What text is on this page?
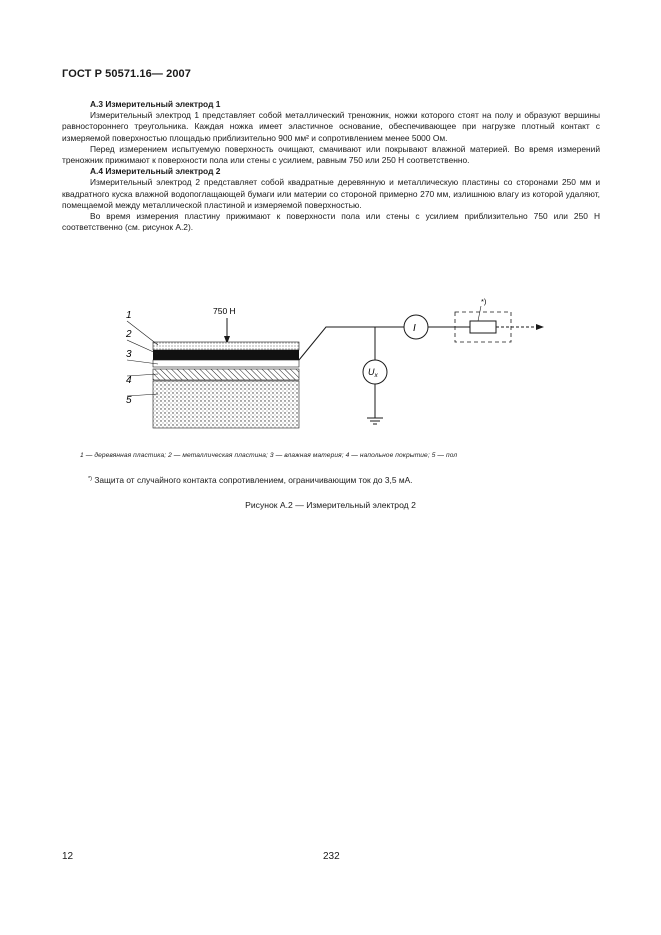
ГОСТ Р 50571.16— 2007

А.3 Измерительный электрод 1

Измерительный электрод 1 представляет собой металлический треножник, ножки которого стоят на полу и образуют вершины равностороннего треугольника. Каждая ножка имеет эластичное основание, обеспечивающее при нагрузке плотный контакт с измеряемой поверхностью площадью приблизительно 900 мм² и сопротивлением менее 5000 Ом.

Перед измерением испытуемую поверхность очищают, смачивают или покрывают влажной материей. Во время измерений треножник прижимают к поверхности пола или стены с усилием, равным 750 или 250 Н соответственно.

А.4 Измерительный электрод 2

Измерительный электрод 2 представляет собой квадратные деревянную и металлическую пластины со сторонами 250 мм и квадратного куска влажной водопоглащающей бумаги или материи со стороной примерно 270 мм, излишнюю влагу из которой удаляют, помещаемой между металлической пластиной и измеряемой поверхностью.

Во время измерения пластину прижимают к поверхности пола или стены с усилием приблизительно 750 или 250 Н соответственно (см. рисунок А.2).

750 Н
1
2
3
4
5
I
*)
$U_x$
1 — деревянная пластика; 2 — металлическая пластина; 3 — влажная материя; 4 — напольное покрытие; 5 — пол
*) Защита от случайного контакта сопротивлением, ограничивающим ток до 3,5 мА.
Рисунок А.2 — Измерительный электрод 2
12	232
